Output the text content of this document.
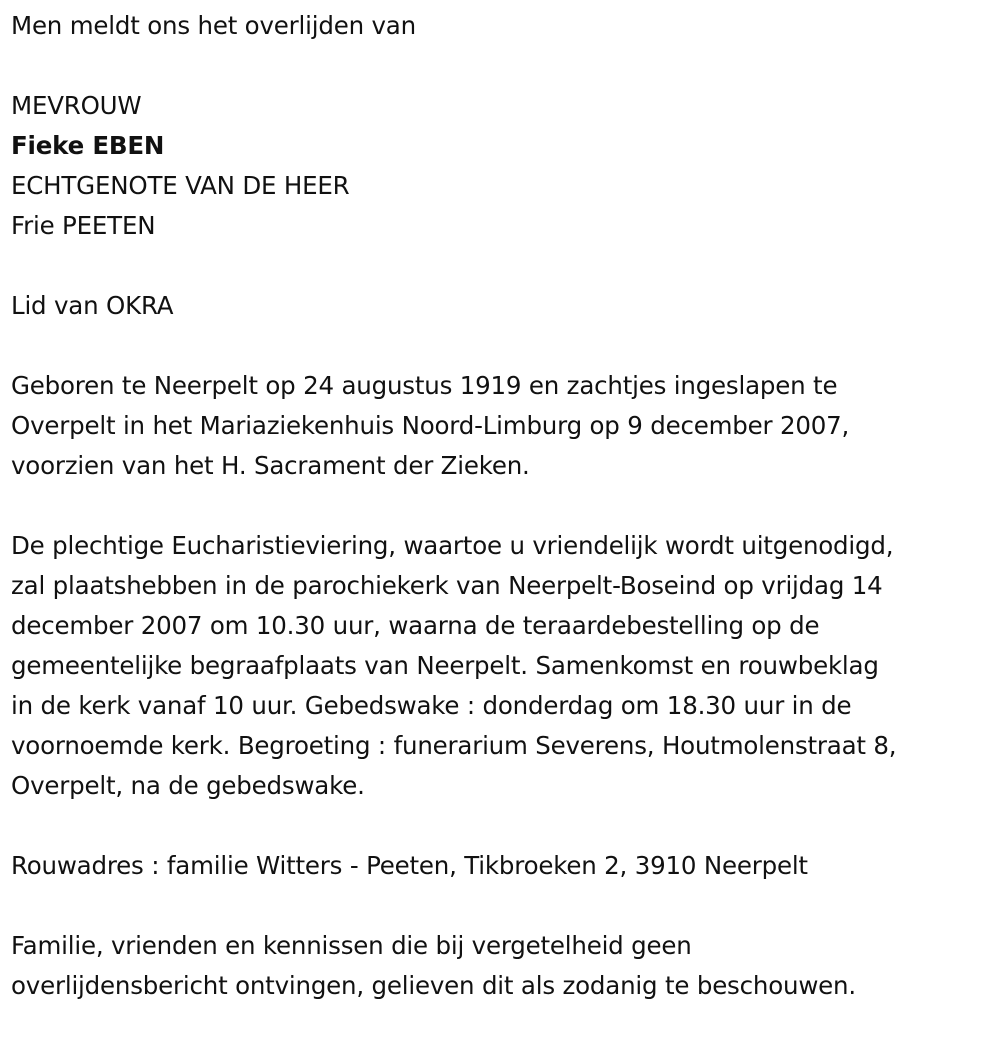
Men meldt ons het overlijden van
MEVROUW
Fieke EBEN
ECHTGENOTE VAN DE HEER
Frie PEETEN
Lid van OKRA
Geboren te Neerpelt op 24 augustus 1919 en zachtjes ingeslapen te
Overpelt in het Mariaziekenhuis Noord-Limburg op 9 december 2007,
voorzien van het H. Sacrament der Zieken.
De plechtige Eucharistieviering, waartoe u vriendelijk wordt uitgenodigd,
zal plaatshebben in de parochiekerk van Neerpelt-Boseind op vrijdag 14
december 2007 om 10.30 uur, waarna de teraardebestelling op de
gemeentelijke begraafplaats van Neerpelt. Samenkomst en rouwbeklag
in de kerk vanaf 10 uur. Gebedswake : donderdag om 18.30 uur in de
voornoemde kerk. Begroeting : funerarium Severens, Houtmolenstraat 8,
Overpelt, na de gebedswake.
Rouwadres : familie Witters - Peeten, Tikbroeken 2, 3910 Neerpelt
Familie, vrienden en kennissen die bij vergetelheid geen
overlijdensbericht ontvingen, gelieven dit als zodanig te beschouwen.
